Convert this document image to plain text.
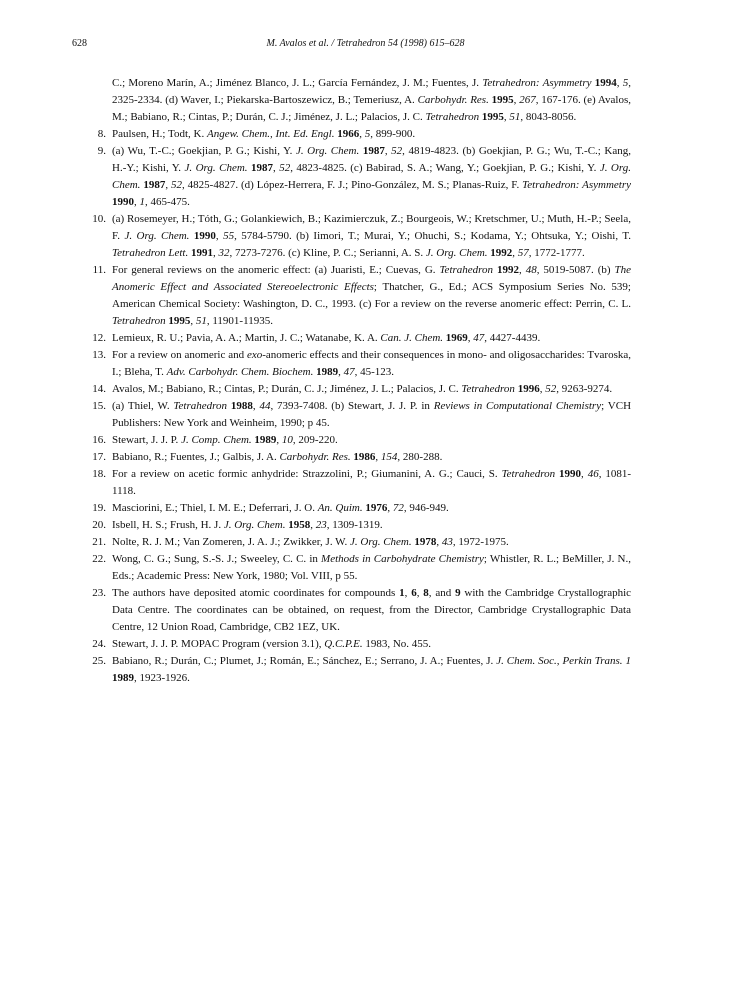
628	M. Avalos et al. / Tetrahedron 54 (1998) 615–628
C.; Moreno Marín, A.; Jiménez Blanco, J. L.; García Fernández, J. M.; Fuentes, J. Tetrahedron: Asymmetry 1994, 5, 2325-2334. (d) Waver, I.; Piekarska-Bartoszewicz, B.; Temeriusz, A. Carbohydr. Res. 1995, 267, 167-176. (e) Avalos, M.; Babiano, R.; Cintas, P.; Durán, C. J.; Jiménez, J. L.; Palacios, J. C. Tetrahedron 1995, 51, 8043-8056.
8. Paulsen, H.; Todt, K. Angew. Chem., Int. Ed. Engl. 1966, 5, 899-900.
9. (a) Wu, T.-C.; Goekjian, P. G.; Kishi, Y. J. Org. Chem. 1987, 52, 4819-4823. (b) Goekjian, P. G.; Wu, T.-C.; Kang, H.-Y.; Kishi, Y. J. Org. Chem. 1987, 52, 4823-4825. (c) Babirad, S. A.; Wang, Y.; Goekjian, P. G.; Kishi, Y. J. Org. Chem. 1987, 52, 4825-4827. (d) López-Herrera, F. J.; Pino-González, M. S.; Planas-Ruiz, F. Tetrahedron: Asymmetry 1990, 1, 465-475.
10. (a) Rosemeyer, H.; Tóth, G.; Golankiewich, B.; Kazimierczuk, Z.; Bourgeois, W.; Kretschmer, U.; Muth, H.-P.; Seela, F. J. Org. Chem. 1990, 55, 5784-5790. (b) Iimori, T.; Murai, Y.; Ohuchi, S.; Kodama, Y.; Ohtsuka, Y.; Oishi, T. Tetrahedron Lett. 1991, 32, 7273-7276. (c) Kline, P. C.; Serianni, A. S. J. Org. Chem. 1992, 57, 1772-1777.
11. For general reviews on the anomeric effect: (a) Juaristi, E.; Cuevas, G. Tetrahedron 1992, 48, 5019-5087. (b) The Anomeric Effect and Associated Stereoelectronic Effects; Thatcher, G., Ed.; ACS Symposium Series No. 539; American Chemical Society: Washington, D. C., 1993. (c) For a review on the reverse anomeric effect: Perrin, C. L. Tetrahedron 1995, 51, 11901-11935.
12. Lemieux, R. U.; Pavia, A. A.; Martin, J. C.; Watanabe, K. A. Can. J. Chem. 1969, 47, 4427-4439.
13. For a review on anomeric and exo-anomeric effects and their consequences in mono- and oligosaccharides: Tvaroska, I.; Bleha, T. Adv. Carbohydr. Chem. Biochem. 1989, 47, 45-123.
14. Avalos, M.; Babiano, R.; Cintas, P.; Durán, C. J.; Jiménez, J. L.; Palacios, J. C. Tetrahedron 1996, 52, 9263-9274.
15. (a) Thiel, W. Tetrahedron 1988, 44, 7393-7408. (b) Stewart, J. J. P. in Reviews in Computational Chemistry; VCH Publishers: New York and Weinheim, 1990; p 45.
16. Stewart, J. J. P. J. Comp. Chem. 1989, 10, 209-220.
17. Babiano, R.; Fuentes, J.; Galbis, J. A. Carbohydr. Res. 1986, 154, 280-288.
18. For a review on acetic formic anhydride: Strazzolini, P.; Giumanini, A. G.; Cauci, S. Tetrahedron 1990, 46, 1081-1118.
19. Masciorini, E.; Thiel, I. M. E.; Deferrari, J. O. An. Quim. 1976, 72, 946-949.
20. Isbell, H. S.; Frush, H. J. J. Org. Chem. 1958, 23, 1309-1319.
21. Nolte, R. J. M.; Van Zomeren, J. A. J.; Zwikker, J. W. J. Org. Chem. 1978, 43, 1972-1975.
22. Wong, C. G.; Sung, S.-S. J.; Sweeley, C. C. in Methods in Carbohydrate Chemistry; Whistler, R. L.; BeMiller, J. N., Eds.; Academic Press: New York, 1980; Vol. VIII, p 55.
23. The authors have deposited atomic coordinates for compounds 1, 6, 8, and 9 with the Cambridge Crystallographic Data Centre. The coordinates can be obtained, on request, from the Director, Cambridge Crystallographic Data Centre, 12 Union Road, Cambridge, CB2 1EZ, UK.
24. Stewart, J. J. P. MOPAC Program (version 3.1), Q.C.P.E. 1983, No. 455.
25. Babiano, R.; Durán, C.; Plumet, J.; Román, E.; Sánchez, E.; Serrano, J. A.; Fuentes, J. J. Chem. Soc., Perkin Trans. 1 1989, 1923-1926.
